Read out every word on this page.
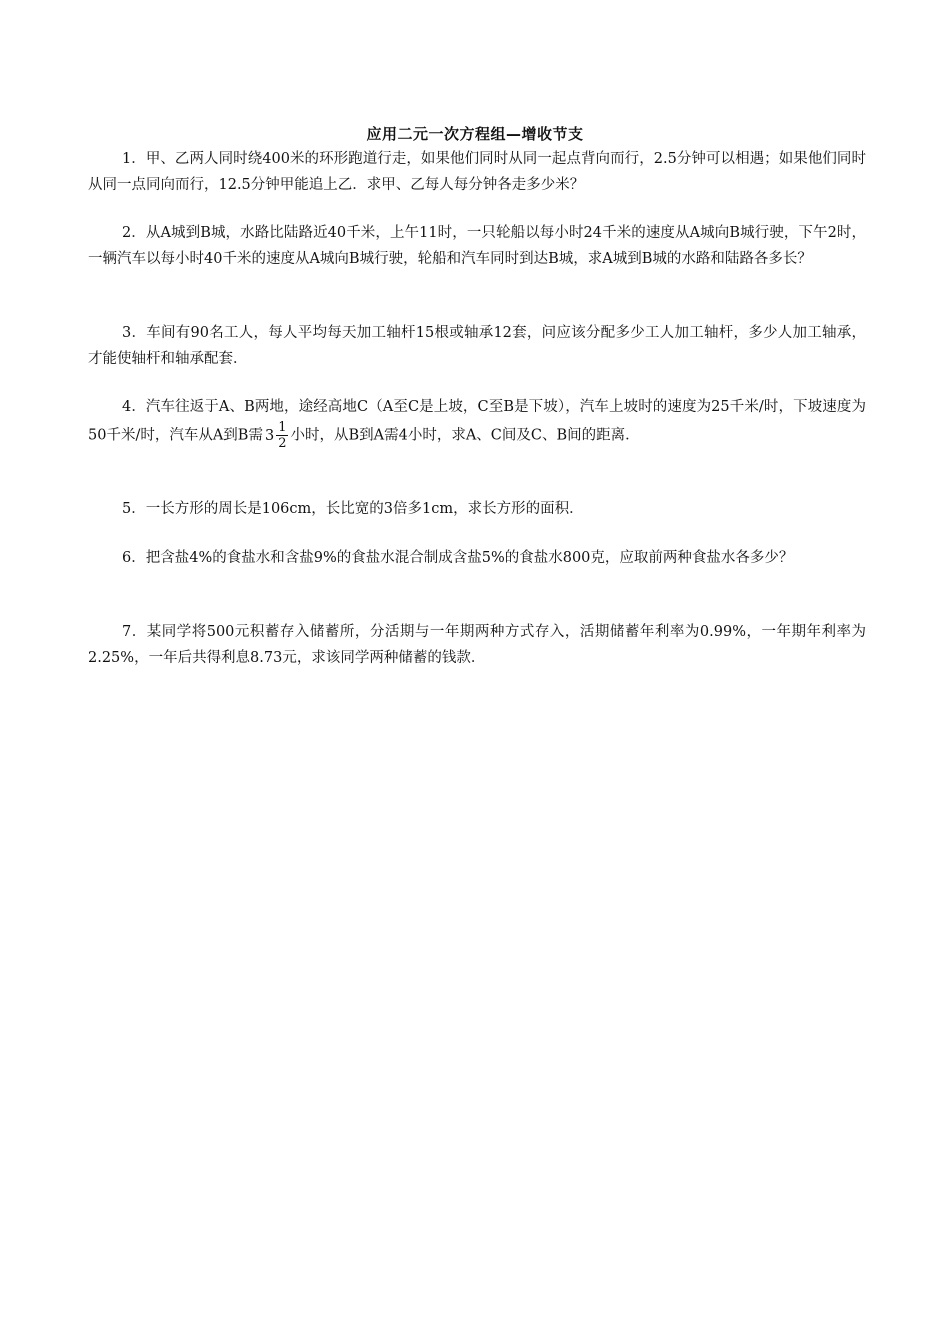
应用二元一次方程组—增收节支

1．甲、乙两人同时绕400米的环形跑道行走，如果他们同时从同一起点背向而行，2.5分钟可以相遇；如果他们同时从同一点同向而行，12.5分钟甲能追上乙．求甲、乙每人每分钟各走多少米？

2．从A城到B城，水路比陆路近40千米，上午11时，一只轮船以每小时24千米的速度从A城向B城行驶，下午2时，一辆汽车以每小时40千米的速度从A城向B城行驶，轮船和汽车同时到达B城，求A城到B城的水路和陆路各多长？

3．车间有90名工人，每人平均每天加工轴杆15根或轴承12套，问应该分配多少工人加工轴杆，多少人加工轴承，才能使轴杆和轴承配套．

4．汽车往返于A、B两地，途经高地C（A至C是上坡，C至B是下坡），汽车上坡时的速度为25千米/时，下坡速度为50千米/时，汽车从A到B需 $3 \frac{1}{2}$ 小时，从B到A需4小时，求A、C间及C、B间的距离．

5．一长方形的周长是106cm，长比宽的3倍多1cm，求长方形的面积．

6．把含盐4%的食盐水和含盐9%的食盐水混合制成含盐5%的食盐水800克，应取前两种食盐水各多少？

7．某同学将500元积蓄存入储蓄所，分活期与一年期两种方式存入，活期储蓄年利率为0.99%，一年期年利率为2.25%，一年后共得利息8.73元，求该同学两种储蓄的钱款．
